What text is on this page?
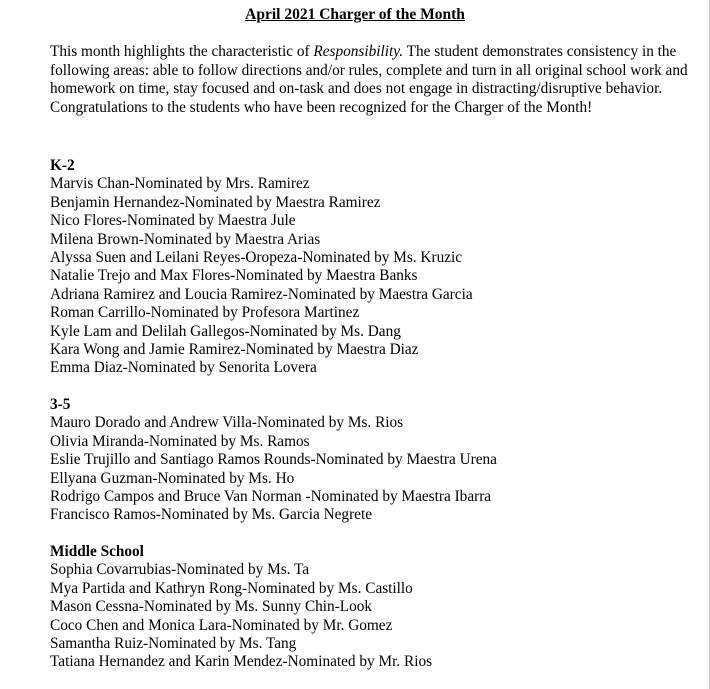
April 2021 Charger of the Month

This month highlights the characteristic of Responsibility. The student demonstrates consistency in the following areas: able to follow directions and/or rules, complete and turn in all original school work and homework on time, stay focused and on-task and does not engage in distracting/disruptive behavior. Congratulations to the students who have been recognized for the Charger of the Month!

K-2
Marvis Chan-Nominated by Mrs. Ramirez
Benjamin Hernandez-Nominated by Maestra Ramirez
Nico Flores-Nominated by Maestra Jule
Milena Brown-Nominated by Maestra Arias
Alyssa Suen and Leilani Reyes-Oropeza-Nominated by Ms. Kruzic
Natalie Trejo and Max Flores-Nominated by Maestra Banks
Adriana Ramirez and Loucia Ramirez-Nominated by Maestra Garcia
Roman Carrillo-Nominated by Profesora Martinez
Kyle Lam and Delilah Gallegos-Nominated by Ms. Dang
Kara Wong and Jamie Ramirez-Nominated by Maestra Diaz
Emma Diaz-Nominated by Senorita Lovera
3-5
Mauro Dorado and Andrew Villa-Nominated by Ms. Rios
Olivia Miranda-Nominated by Ms. Ramos
Eslie Trujillo and Santiago Ramos Rounds-Nominated by Maestra Urena
Ellyana Guzman-Nominated by Ms. Ho
Rodrigo Campos and Bruce Van Norman -Nominated by Maestra Ibarra
Francisco Ramos-Nominated by Ms. Garcia Negrete
Middle School
Sophia Covarrubias-Nominated by Ms. Ta
Mya Partida and Kathryn Rong-Nominated by Ms. Castillo
Mason Cessna-Nominated by Ms. Sunny Chin-Look
Coco Chen and Monica Lara-Nominated by Mr. Gomez
Samantha Ruiz-Nominated by Ms. Tang
Tatiana Hernandez and Karin Mendez-Nominated by Mr. Rios
